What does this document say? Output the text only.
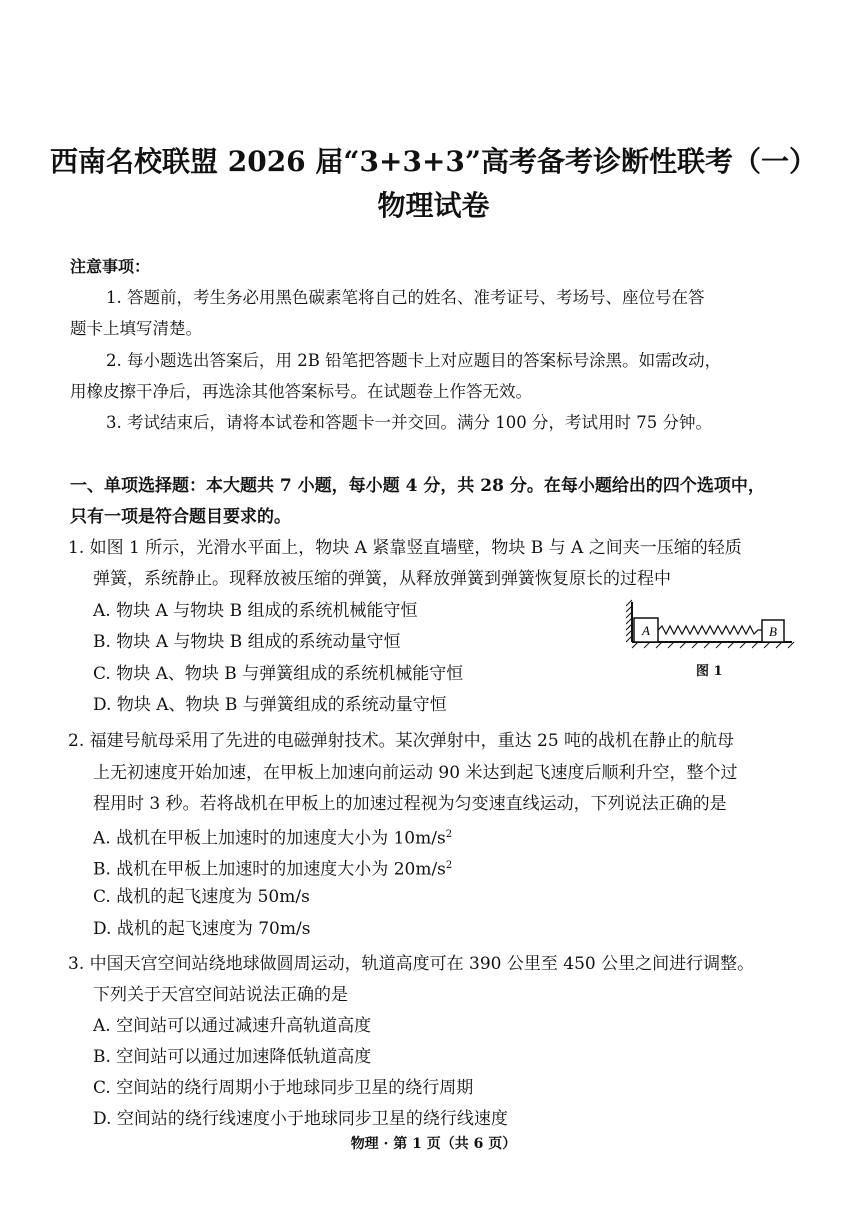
西南名校联盟 2026 届“3+3+3”高考备考诊断性联考（一）
物理试卷
注意事项：
1. 答题前，考生务必用黑色碳素笔将自己的姓名、准考证号、考场号、座位号在答
题卡上填写清楚。
2. 每小题选出答案后，用 2B 铅笔把答题卡上对应题目的答案标号涂黑。如需改动，
用橡皮擦干净后，再选涂其他答案标号。在试题卷上作答无效。
3. 考试结束后，请将本试卷和答题卡一并交回。满分 100 分，考试用时 75 分钟。
一、单项选择题：本大题共 7 小题，每小题 4 分，共 28 分。在每小题给出的四个选项中，
只有一项是符合题目要求的。
1. 如图 1 所示，光滑水平面上，物块 A 紧靠竖直墙壁，物块 B 与 A 之间夹一压缩的轻质
弹簧，系统静止。现释放被压缩的弹簧，从释放弹簧到弹簧恢复原长的过程中
A. 物块 A 与物块 B 组成的系统机械能守恒
B. 物块 A 与物块 B 组成的系统动量守恒
C. 物块 A、物块 B 与弹簧组成的系统机械能守恒
D. 物块 A、物块 B 与弹簧组成的系统动量守恒
A	B
图 1
2. 福建号航母采用了先进的电磁弹射技术。某次弹射中，重达 25 吨的战机在静止的航母
上无初速度开始加速，在甲板上加速向前运动 90 米达到起飞速度后顺利升空，整个过
程用时 3 秒。若将战机在甲板上的加速过程视为匀变速直线运动，下列说法正确的是
A. 战机在甲板上加速时的加速度大小为 $10m/s^2$
B. 战机在甲板上加速时的加速度大小为 $20m/s^2$
C. 战机的起飞速度为 50m/s
D. 战机的起飞速度为 70m/s
3. 中国天宫空间站绕地球做圆周运动，轨道高度可在 390 公里至 450 公里之间进行调整。
下列关于天宫空间站说法正确的是
A. 空间站可以通过减速升高轨道高度
B. 空间站可以通过加速降低轨道高度
C. 空间站的绕行周期小于地球同步卫星的绕行周期
D. 空间站的绕行线速度小于地球同步卫星的绕行线速度
物理 · 第 1 页（共 6 页）
